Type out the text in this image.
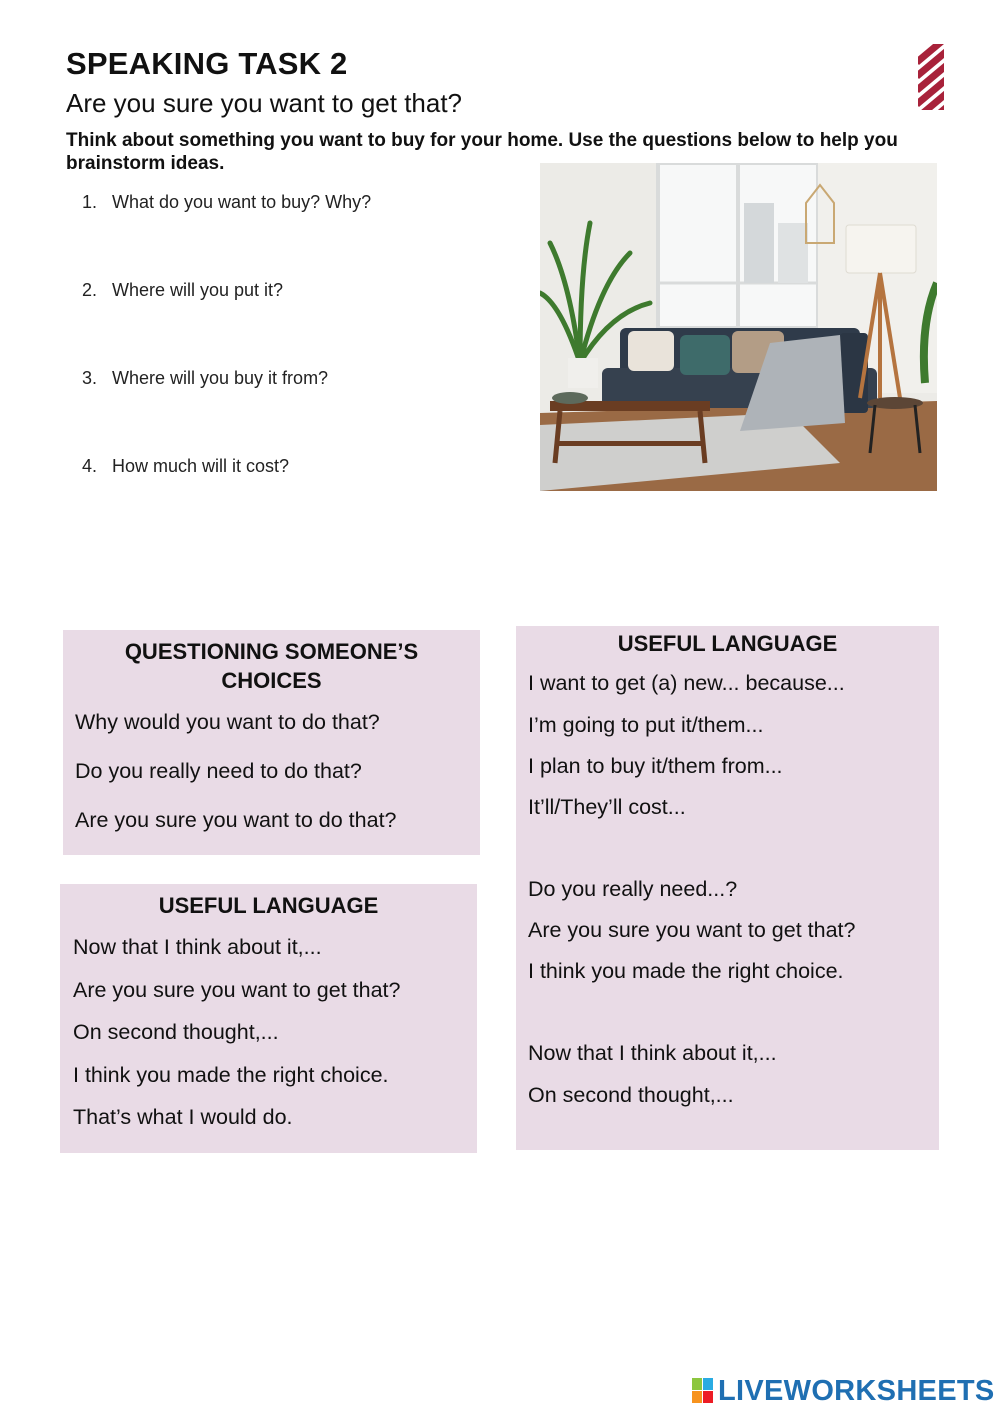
SPEAKING TASK 2
Are you sure you want to get that?

Think about something you want to buy for your home. Use the questions below to help you brainstorm ideas.

1. What do you want to buy? Why?
2. Where will you put it?
3. Where will you buy it from?
4. How much will it cost?
QUESTIONING SOMEONE’S CHOICES
Why would you want to do that?
Do you really need to do that?
Are you sure you want to do that?
USEFUL LANGUAGE
Now that I think about it,...
Are you sure you want to get that?
On second thought,...
I think you made the right choice.
That’s what I would do.
USEFUL LANGUAGE
I want to get (a) new... because...
I’m going to put it/them...
I plan to buy it/them from...
It’ll/They’ll cost...
Do you really need...?
Are you sure you want to get that?
I think you made the right choice.
Now that I think about it,...
On second thought,...
LIVEWORKSHEETS
